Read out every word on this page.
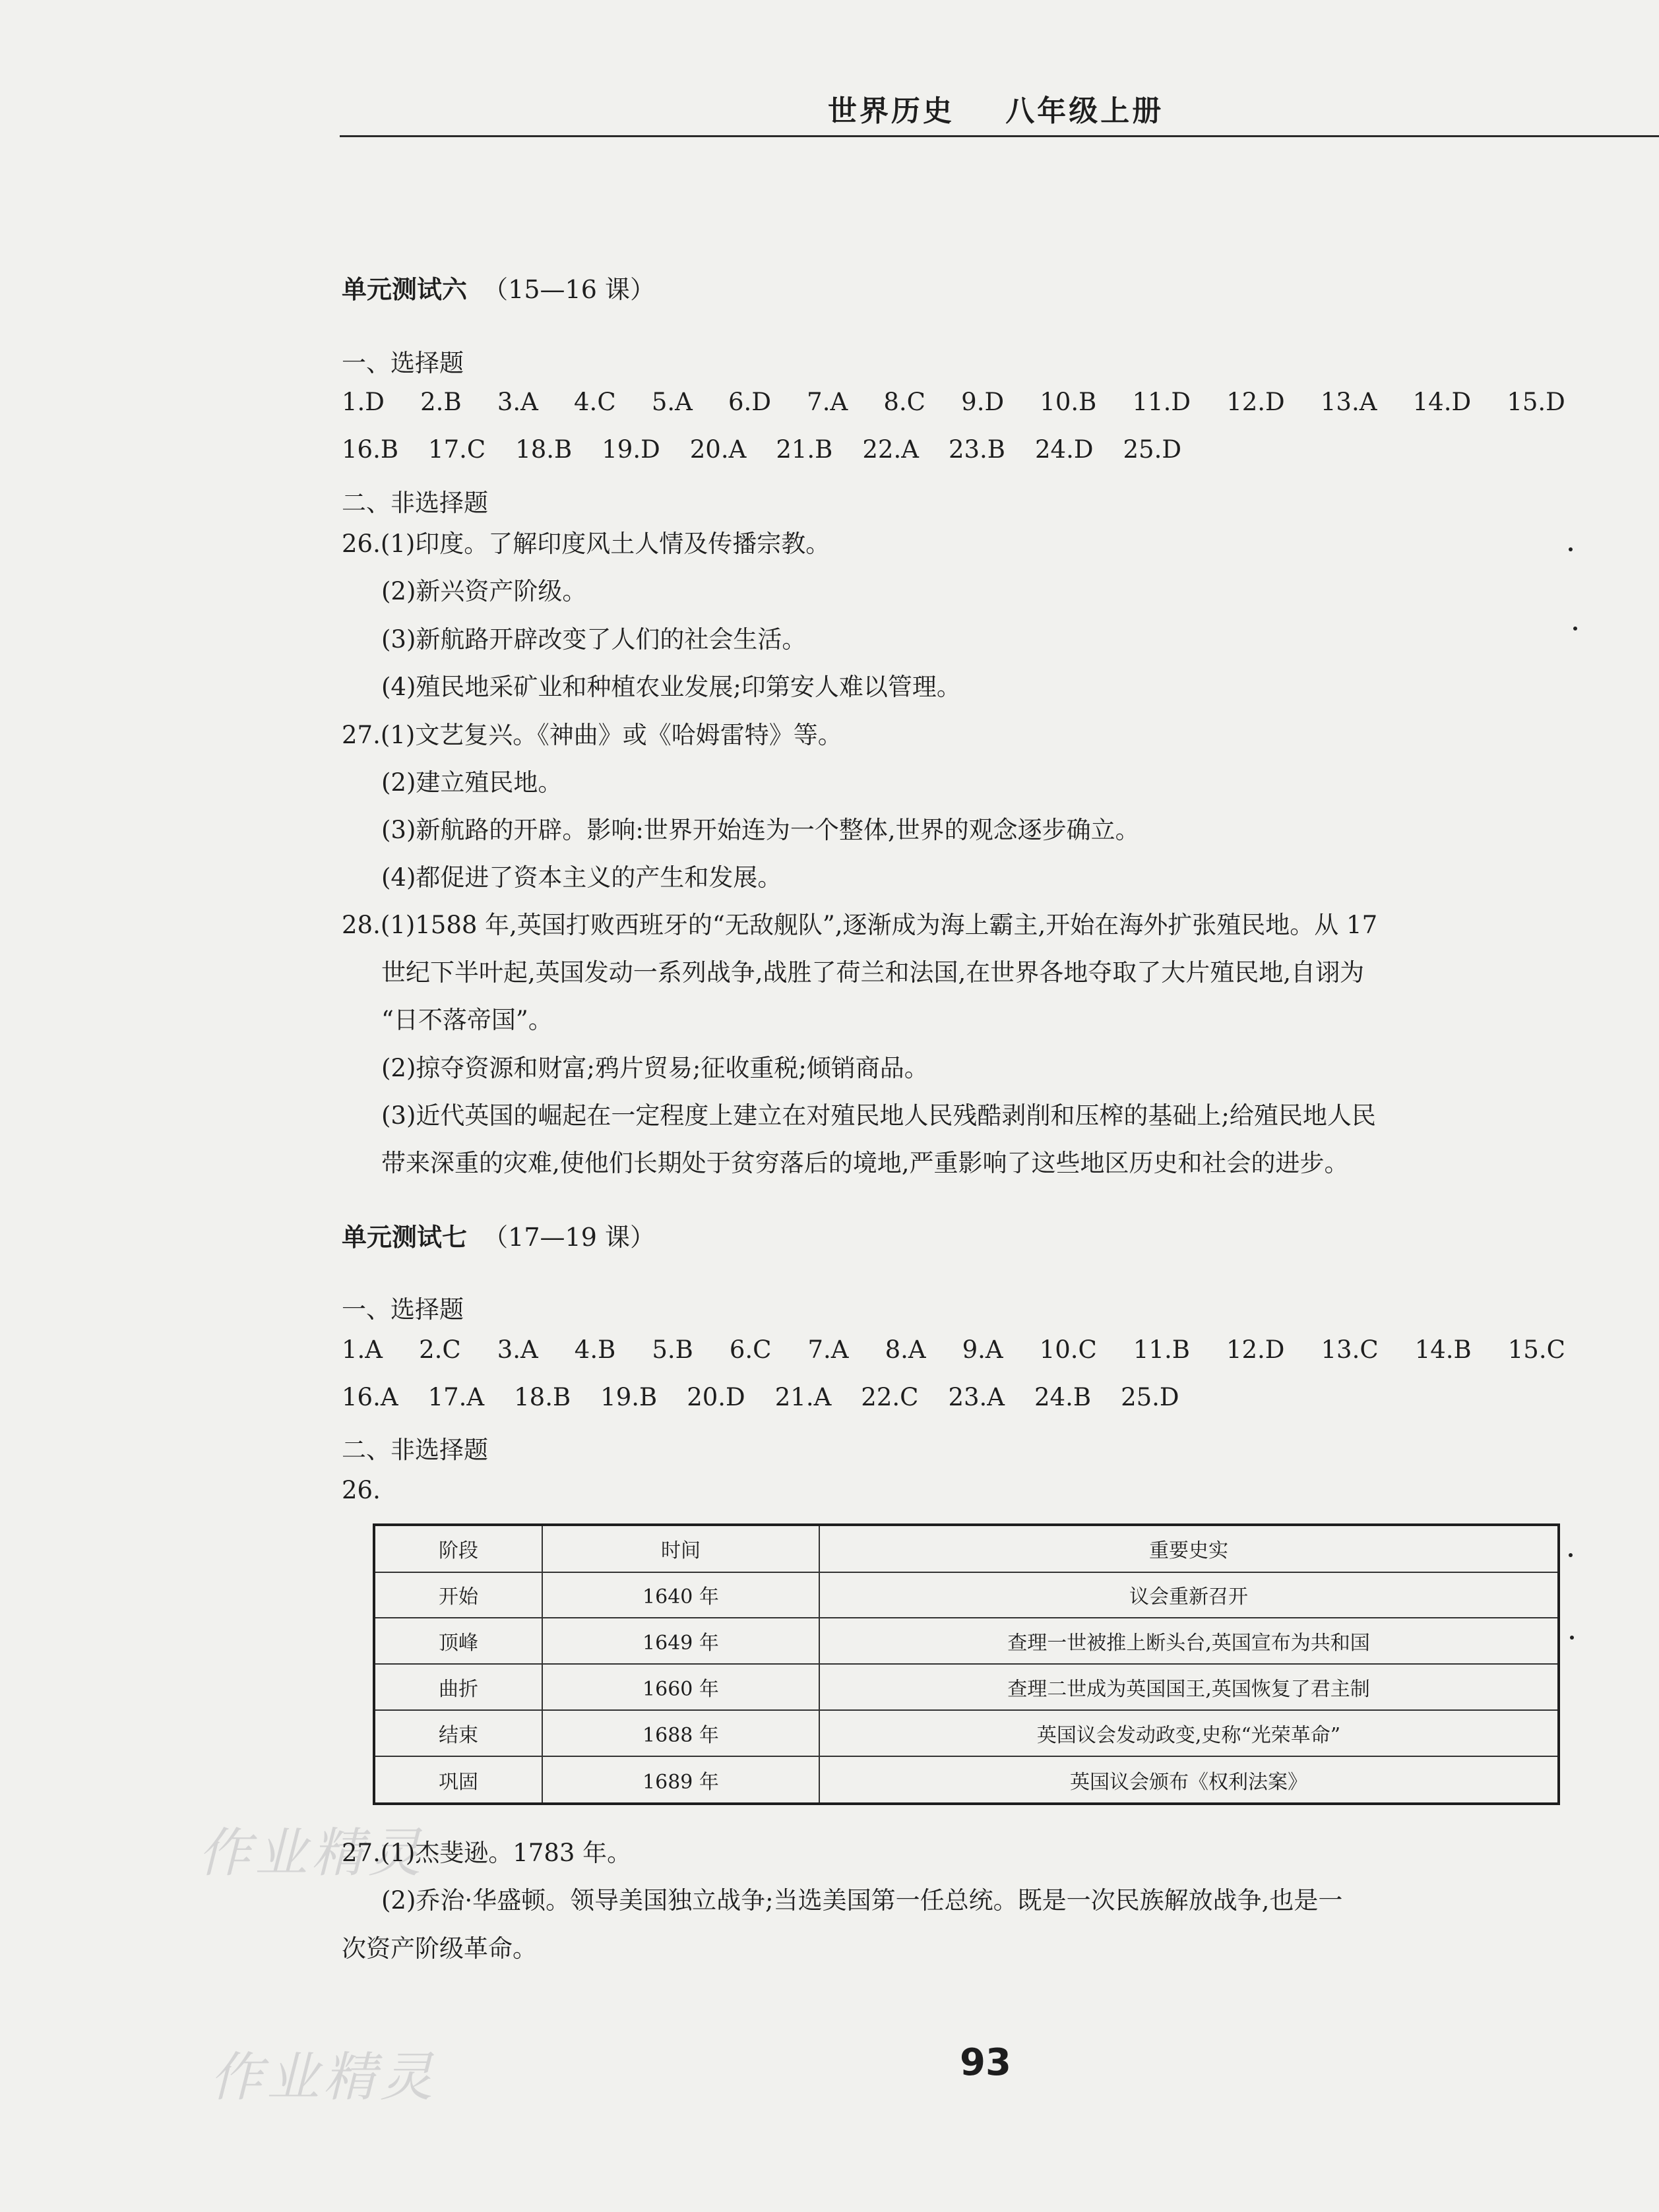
世界历史    八年级上册
单元测试六  （15—16 课）
一、选择题
1.D 2.B 3.A 4.C 5.A 6.D 7.A 8.C 9.D 10.B 11.D 12.D 13.A 14.D 15.D
16.B 17.C 18.B 19.D 20.A 21.B 22.A 23.B 24.D 25.D
二、非选择题
26.(1)印度。了解印度风土人情及传播宗教。
(2)新兴资产阶级。
(3)新航路开辟改变了人们的社会生活。
(4)殖民地采矿业和种植农业发展;印第安人难以管理。
27.(1)文艺复兴。《神曲》或《哈姆雷特》等。
(2)建立殖民地。
(3)新航路的开辟。影响:世界开始连为一个整体,世界的观念逐步确立。
(4)都促进了资本主义的产生和发展。
28.(1)1588 年,英国打败西班牙的“无敌舰队”,逐渐成为海上霸主,开始在海外扩张殖民地。从 17
世纪下半叶起,英国发动一系列战争,战胜了荷兰和法国,在世界各地夺取了大片殖民地,自诩为
“日不落帝国”。
(2)掠夺资源和财富;鸦片贸易;征收重税;倾销商品。
(3)近代英国的崛起在一定程度上建立在对殖民地人民残酷剥削和压榨的基础上;给殖民地人民
带来深重的灾难,使他们长期处于贫穷落后的境地,严重影响了这些地区历史和社会的进步。
单元测试七  （17—19 课）
一、选择题
1.A 2.C 3.A 4.B 5.B 6.C 7.A 8.A 9.A 10.C 11.B 12.D 13.C 14.B 15.C
16.A 17.A 18.B 19.B 20.D 21.A 22.C 23.A 24.B 25.D
二、非选择题
26.
阶段	时间	重要史实
开始	1640 年	议会重新召开
顶峰	1649 年	查理一世被推上断头台,英国宣布为共和国
曲折	1660 年	查理二世成为英国国王,英国恢复了君主制
结束	1688 年	英国议会发动政变,史称“光荣革命”
巩固	1689 年	英国议会颁布《权利法案》
作业精灵
27.(1)杰斐逊。1783 年。
(2)乔治·华盛顿。领导美国独立战争;当选美国第一任总统。既是一次民族解放战争,也是一
次资产阶级革命。
作业精灵	93
